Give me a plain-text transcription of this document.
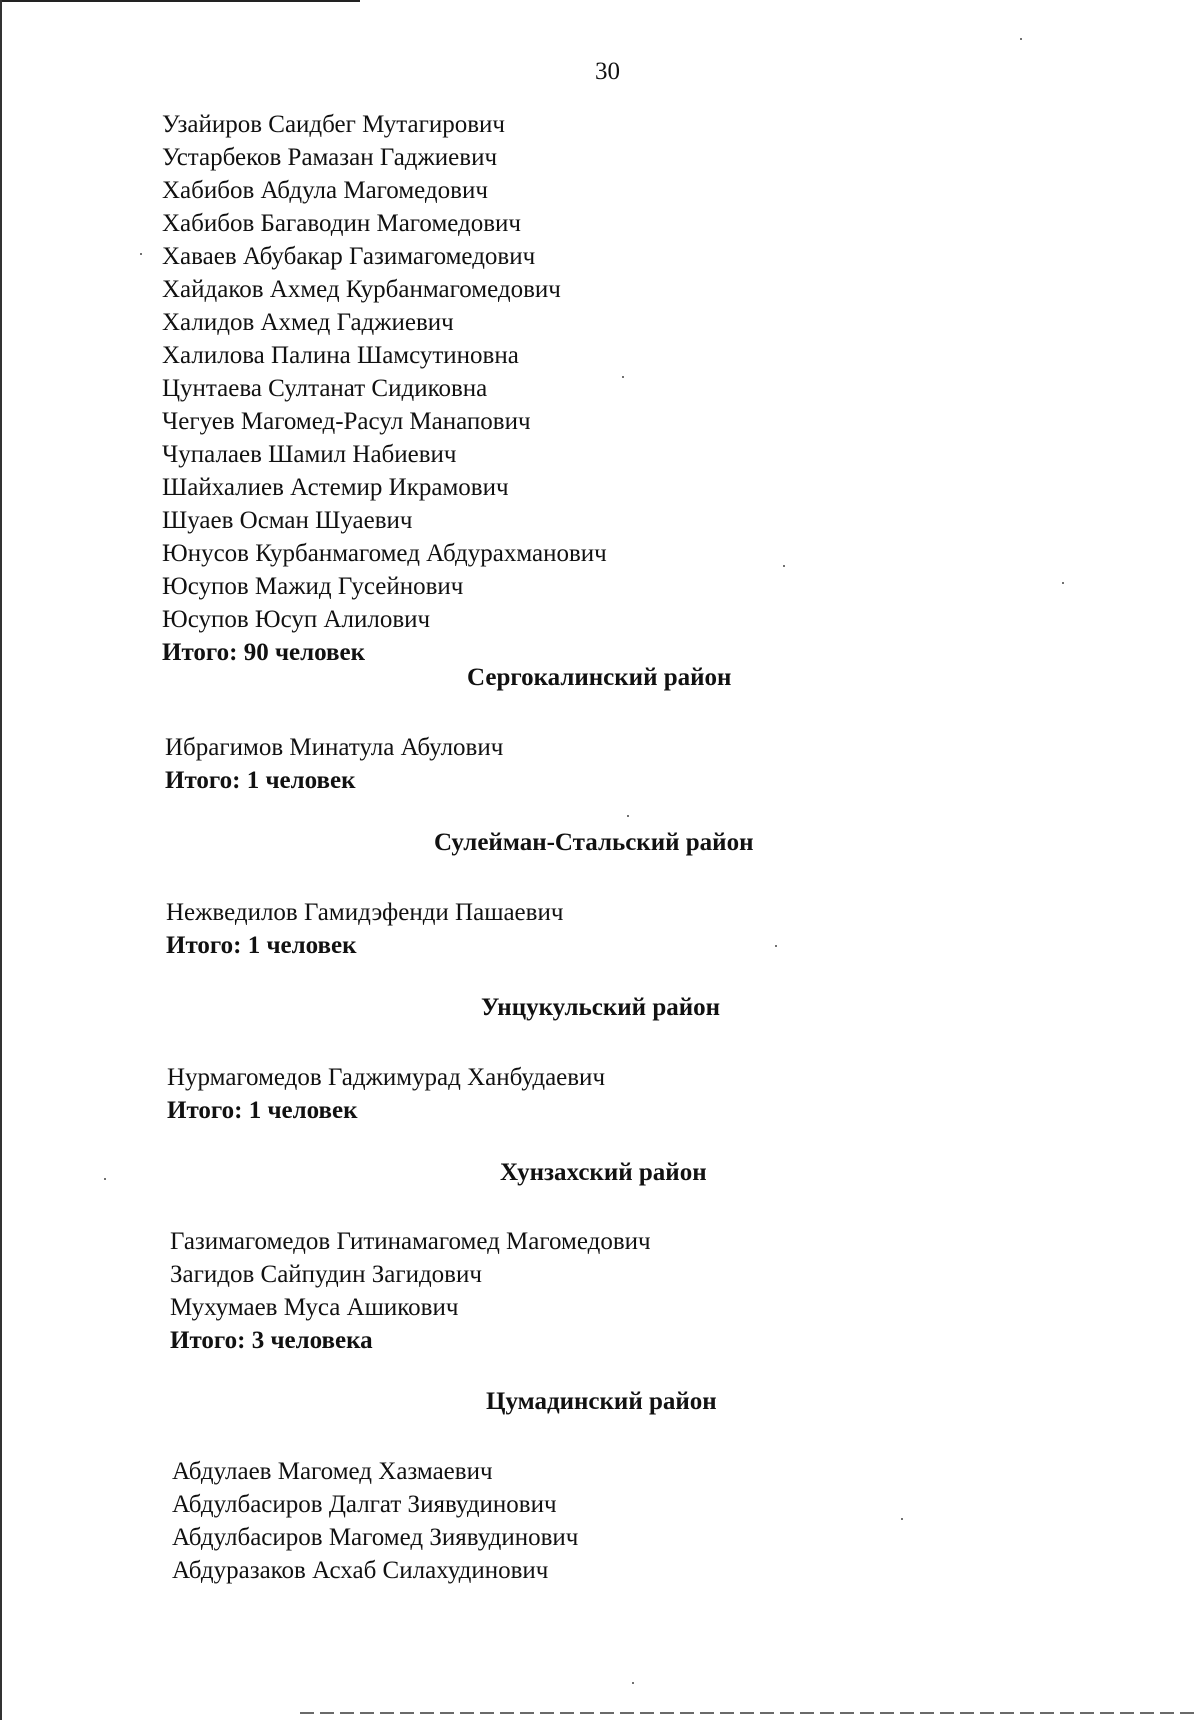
30
Узайиров Саидбег Мутагирович
Устарбеков Рамазан Гаджиевич
Хабибов Абдула Магомедович
Хабибов Багаводин Магомедович
Хаваев Абубакар Газимагомедович
Хайдаков Ахмед Курбанмагомедович
Халидов Ахмед Гаджиевич
Халилова Палина Шамсутиновна
Цунтаева Султанат Сидиковна
Чегуев Магомед-Расул Манапович
Чупалаев Шамил Набиевич
Шайхалиев Астемир Икрамович
Шуаев Осман Шуаевич
Юнусов Курбанмагомед Абдурахманович
Юсупов Мажид Гусейнович
Юсупов Юсуп Алилович
Итого: 90 человек
Сергокалинский район
Ибрагимов Минатула Абулович
Итого: 1 человек
Сулейман-Стальский район
Нежведилов Гамидэфенди Пашаевич
Итого: 1 человек
Унцукульский район
Нурмагомедов Гаджимурад Ханбудаевич
Итого: 1 человек
Хунзахский район
Газимагомедов Гитинамагомед Магомедович
Загидов Сайпудин Загидович
Мухумаев Муса Ашикович
Итого: 3 человека
Цумадинский район
Абдулаев Магомед Хазмаевич
Абдулбасиров Далгат Зиявудинович
Абдулбасиров Магомед Зиявудинович
Абдуразаков Асхаб Силахудинович
